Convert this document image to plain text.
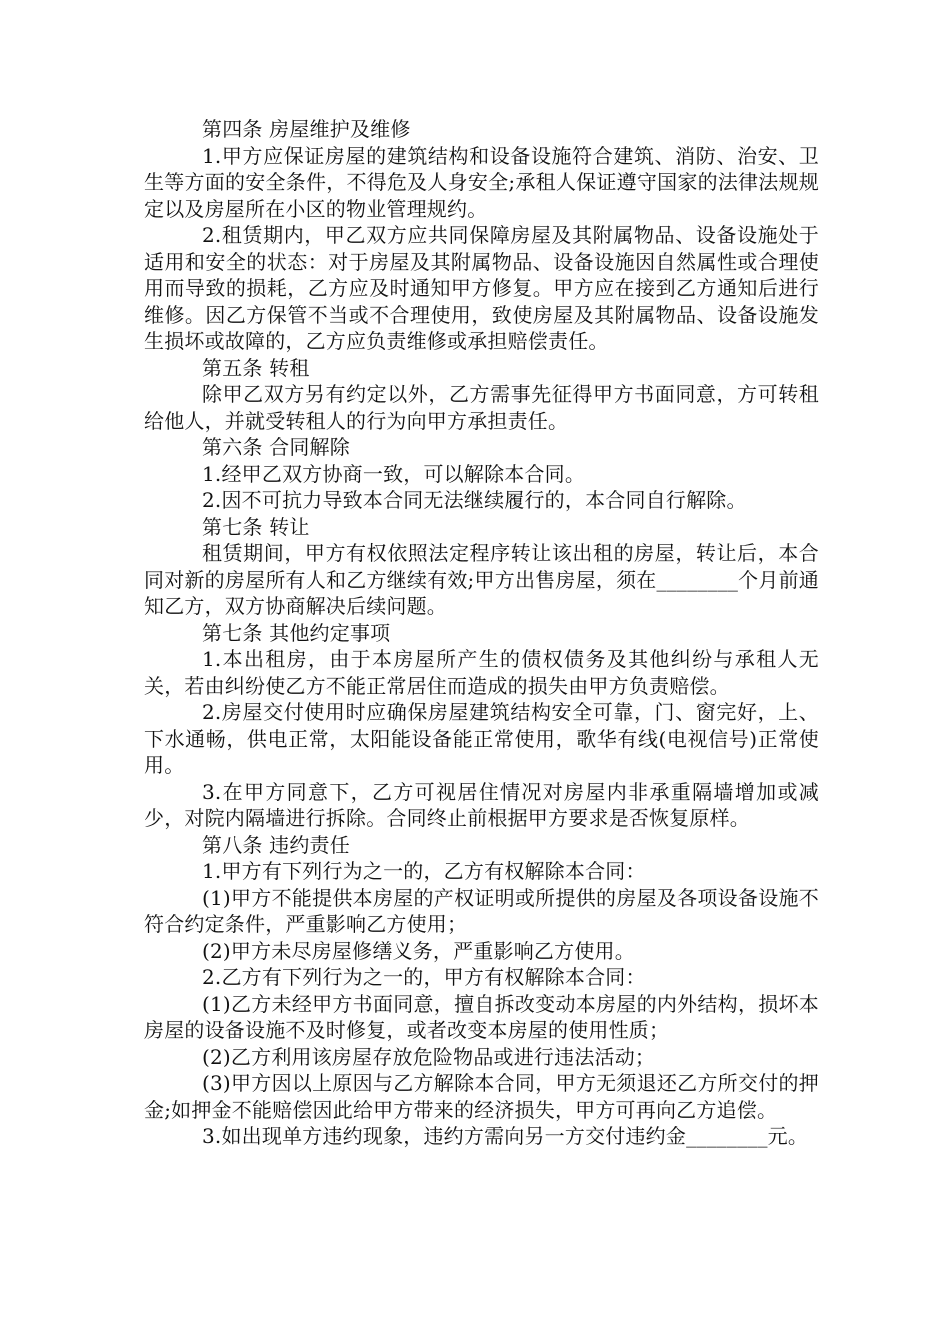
第四条 房屋维护及维修

1.甲方应保证房屋的建筑结构和设备设施符合建筑、消防、治安、卫生等方面的安全条件，不得危及人身安全;承租人保证遵守国家的法律法规规定以及房屋所在小区的物业管理规约。

2.租赁期内，甲乙双方应共同保障房屋及其附属物品、设备设施处于适用和安全的状态：对于房屋及其附属物品、设备设施因自然属性或合理使用而导致的损耗，乙方应及时通知甲方修复。甲方应在接到乙方通知后进行维修。因乙方保管不当或不合理使用，致使房屋及其附属物品、设备设施发生损坏或故障的，乙方应负责维修或承担赔偿责任。

第五条 转租

除甲乙双方另有约定以外，乙方需事先征得甲方书面同意，方可转租给他人，并就受转租人的行为向甲方承担责任。

第六条 合同解除

1.经甲乙双方协商一致，可以解除本合同。

2.因不可抗力导致本合同无法继续履行的，本合同自行解除。

第七条 转让

租赁期间，甲方有权依照法定程序转让该出租的房屋，转让后，本合同对新的房屋所有人和乙方继续有效;甲方出售房屋，须在________个月前通知乙方，双方协商解决后续问题。

第七条 其他约定事项

1.本出租房，由于本房屋所产生的债权债务及其他纠纷与承租人无关，若由纠纷使乙方不能正常居住而造成的损失由甲方负责赔偿。

2.房屋交付使用时应确保房屋建筑结构安全可靠，门、窗完好，上、下水通畅，供电正常，太阳能设备能正常使用，歌华有线(电视信号)正常使用。

3.在甲方同意下，乙方可视居住情况对房屋内非承重隔墙增加或减少，对院内隔墙进行拆除。合同终止前根据甲方要求是否恢复原样。

第八条 违约责任

1.甲方有下列行为之一的，乙方有权解除本合同：

(1)甲方不能提供本房屋的产权证明或所提供的房屋及各项设备设施不符合约定条件，严重影响乙方使用；

(2)甲方未尽房屋修缮义务，严重影响乙方使用。

2.乙方有下列行为之一的，甲方有权解除本合同：

(1)乙方未经甲方书面同意，擅自拆改变动本房屋的内外结构，损坏本房屋的设备设施不及时修复，或者改变本房屋的使用性质；

(2)乙方利用该房屋存放危险物品或进行违法活动；

(3)甲方因以上原因与乙方解除本合同，甲方无须退还乙方所交付的押金;如押金不能赔偿因此给甲方带来的经济损失，甲方可再向乙方追偿。

3.如出现单方违约现象，违约方需向另一方交付违约金________元。
